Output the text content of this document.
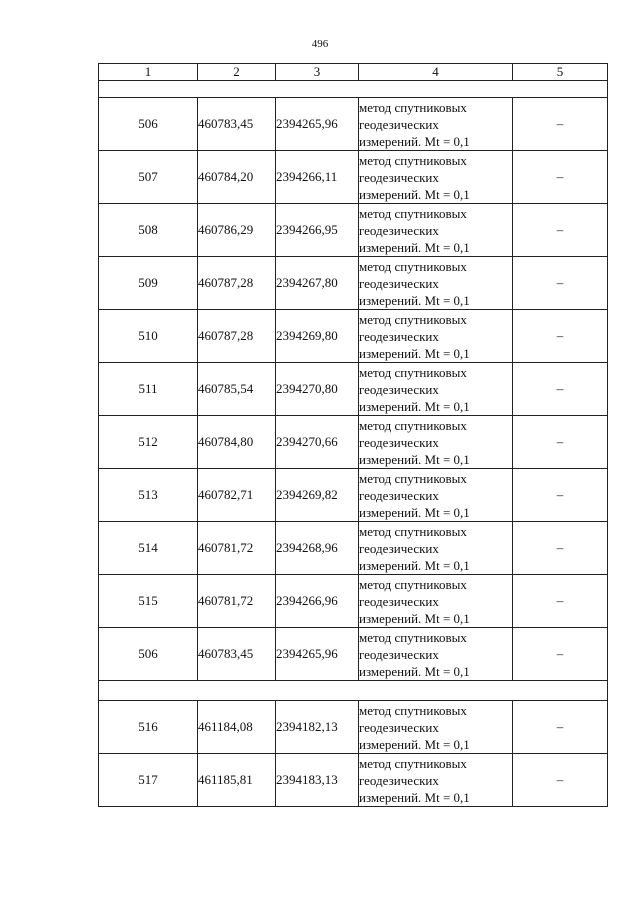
496
1	2	3	4	5

506	460783,45	2394265,96	метод спутниковых
геодезических
измерений. Mt = 0,1	–
507	460784,20	2394266,11	метод спутниковых
геодезических
измерений. Mt = 0,1	–
508	460786,29	2394266,95	метод спутниковых
геодезических
измерений. Mt = 0,1	–
509	460787,28	2394267,80	метод спутниковых
геодезических
измерений. Mt = 0,1	–
510	460787,28	2394269,80	метод спутниковых
геодезических
измерений. Mt = 0,1	–
511	460785,54	2394270,80	метод спутниковых
геодезических
измерений. Mt = 0,1	–
512	460784,80	2394270,66	метод спутниковых
геодезических
измерений. Mt = 0,1	–
513	460782,71	2394269,82	метод спутниковых
геодезических
измерений. Mt = 0,1	–
514	460781,72	2394268,96	метод спутниковых
геодезических
измерений. Mt = 0,1	–
515	460781,72	2394266,96	метод спутниковых
геодезических
измерений. Mt = 0,1	–
506	460783,45	2394265,96	метод спутниковых
геодезических
измерений. Mt = 0,1	–

516	461184,08	2394182,13	метод спутниковых
геодезических
измерений. Mt = 0,1	–
517	461185,81	2394183,13	метод спутниковых
геодезических
измерений. Mt = 0,1	–
